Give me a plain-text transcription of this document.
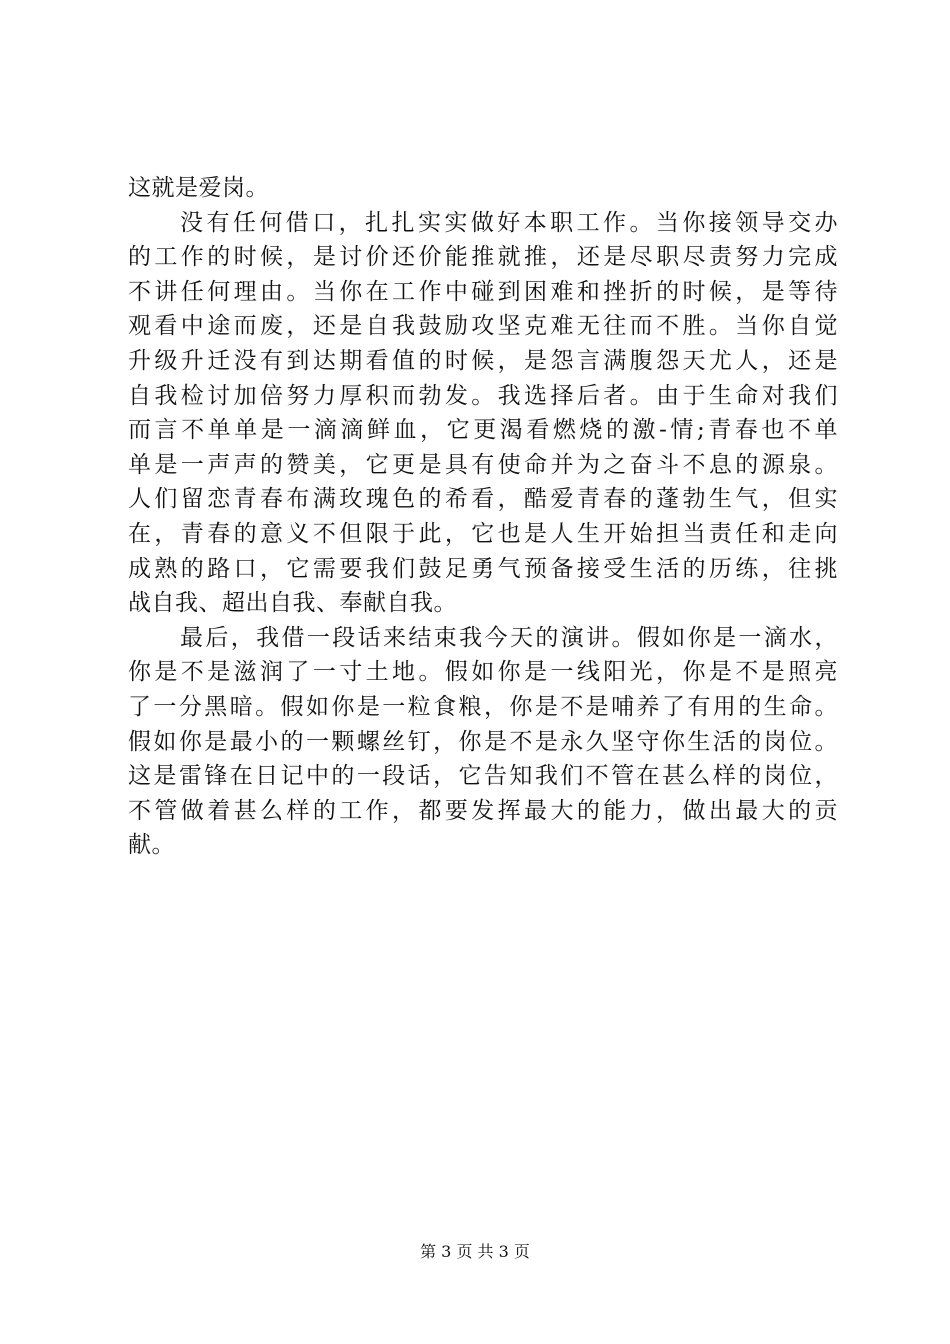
这就是爱岗。
没有任何借口，扎扎实实做好本职工作。当你接领导交办
的工作的时候，是讨价还价能推就推，还是尽职尽责努力完成
不讲任何理由。当你在工作中碰到困难和挫折的时候，是等待
观看中途而废，还是自我鼓励攻坚克难无往而不胜。当你自觉
升级升迁没有到达期看值的时候，是怨言满腹怨天尤人，还是
自我检讨加倍努力厚积而勃发。我选择后者。由于生命对我们
而言不单单是一滴滴鲜血，它更渴看燃烧的激-情;青春也不单
单是一声声的赞美，它更是具有使命并为之奋斗不息的源泉。
人们留恋青春布满玫瑰色的希看，酷爱青春的蓬勃生气，但实
在，青春的意义不但限于此，它也是人生开始担当责任和走向
成熟的路口，它需要我们鼓足勇气预备接受生活的历练，往挑
战自我、超出自我、奉献自我。
最后，我借一段话来结束我今天的演讲。假如你是一滴水，
你是不是滋润了一寸土地。假如你是一线阳光，你是不是照亮
了一分黑暗。假如你是一粒食粮，你是不是哺养了有用的生命。
假如你是最小的一颗螺丝钉，你是不是永久坚守你生活的岗位。
这是雷锋在日记中的一段话，它告知我们不管在甚么样的岗位，
不管做着甚么样的工作，都要发挥最大的能力，做出最大的贡
献。
第 3 页 共 3 页
